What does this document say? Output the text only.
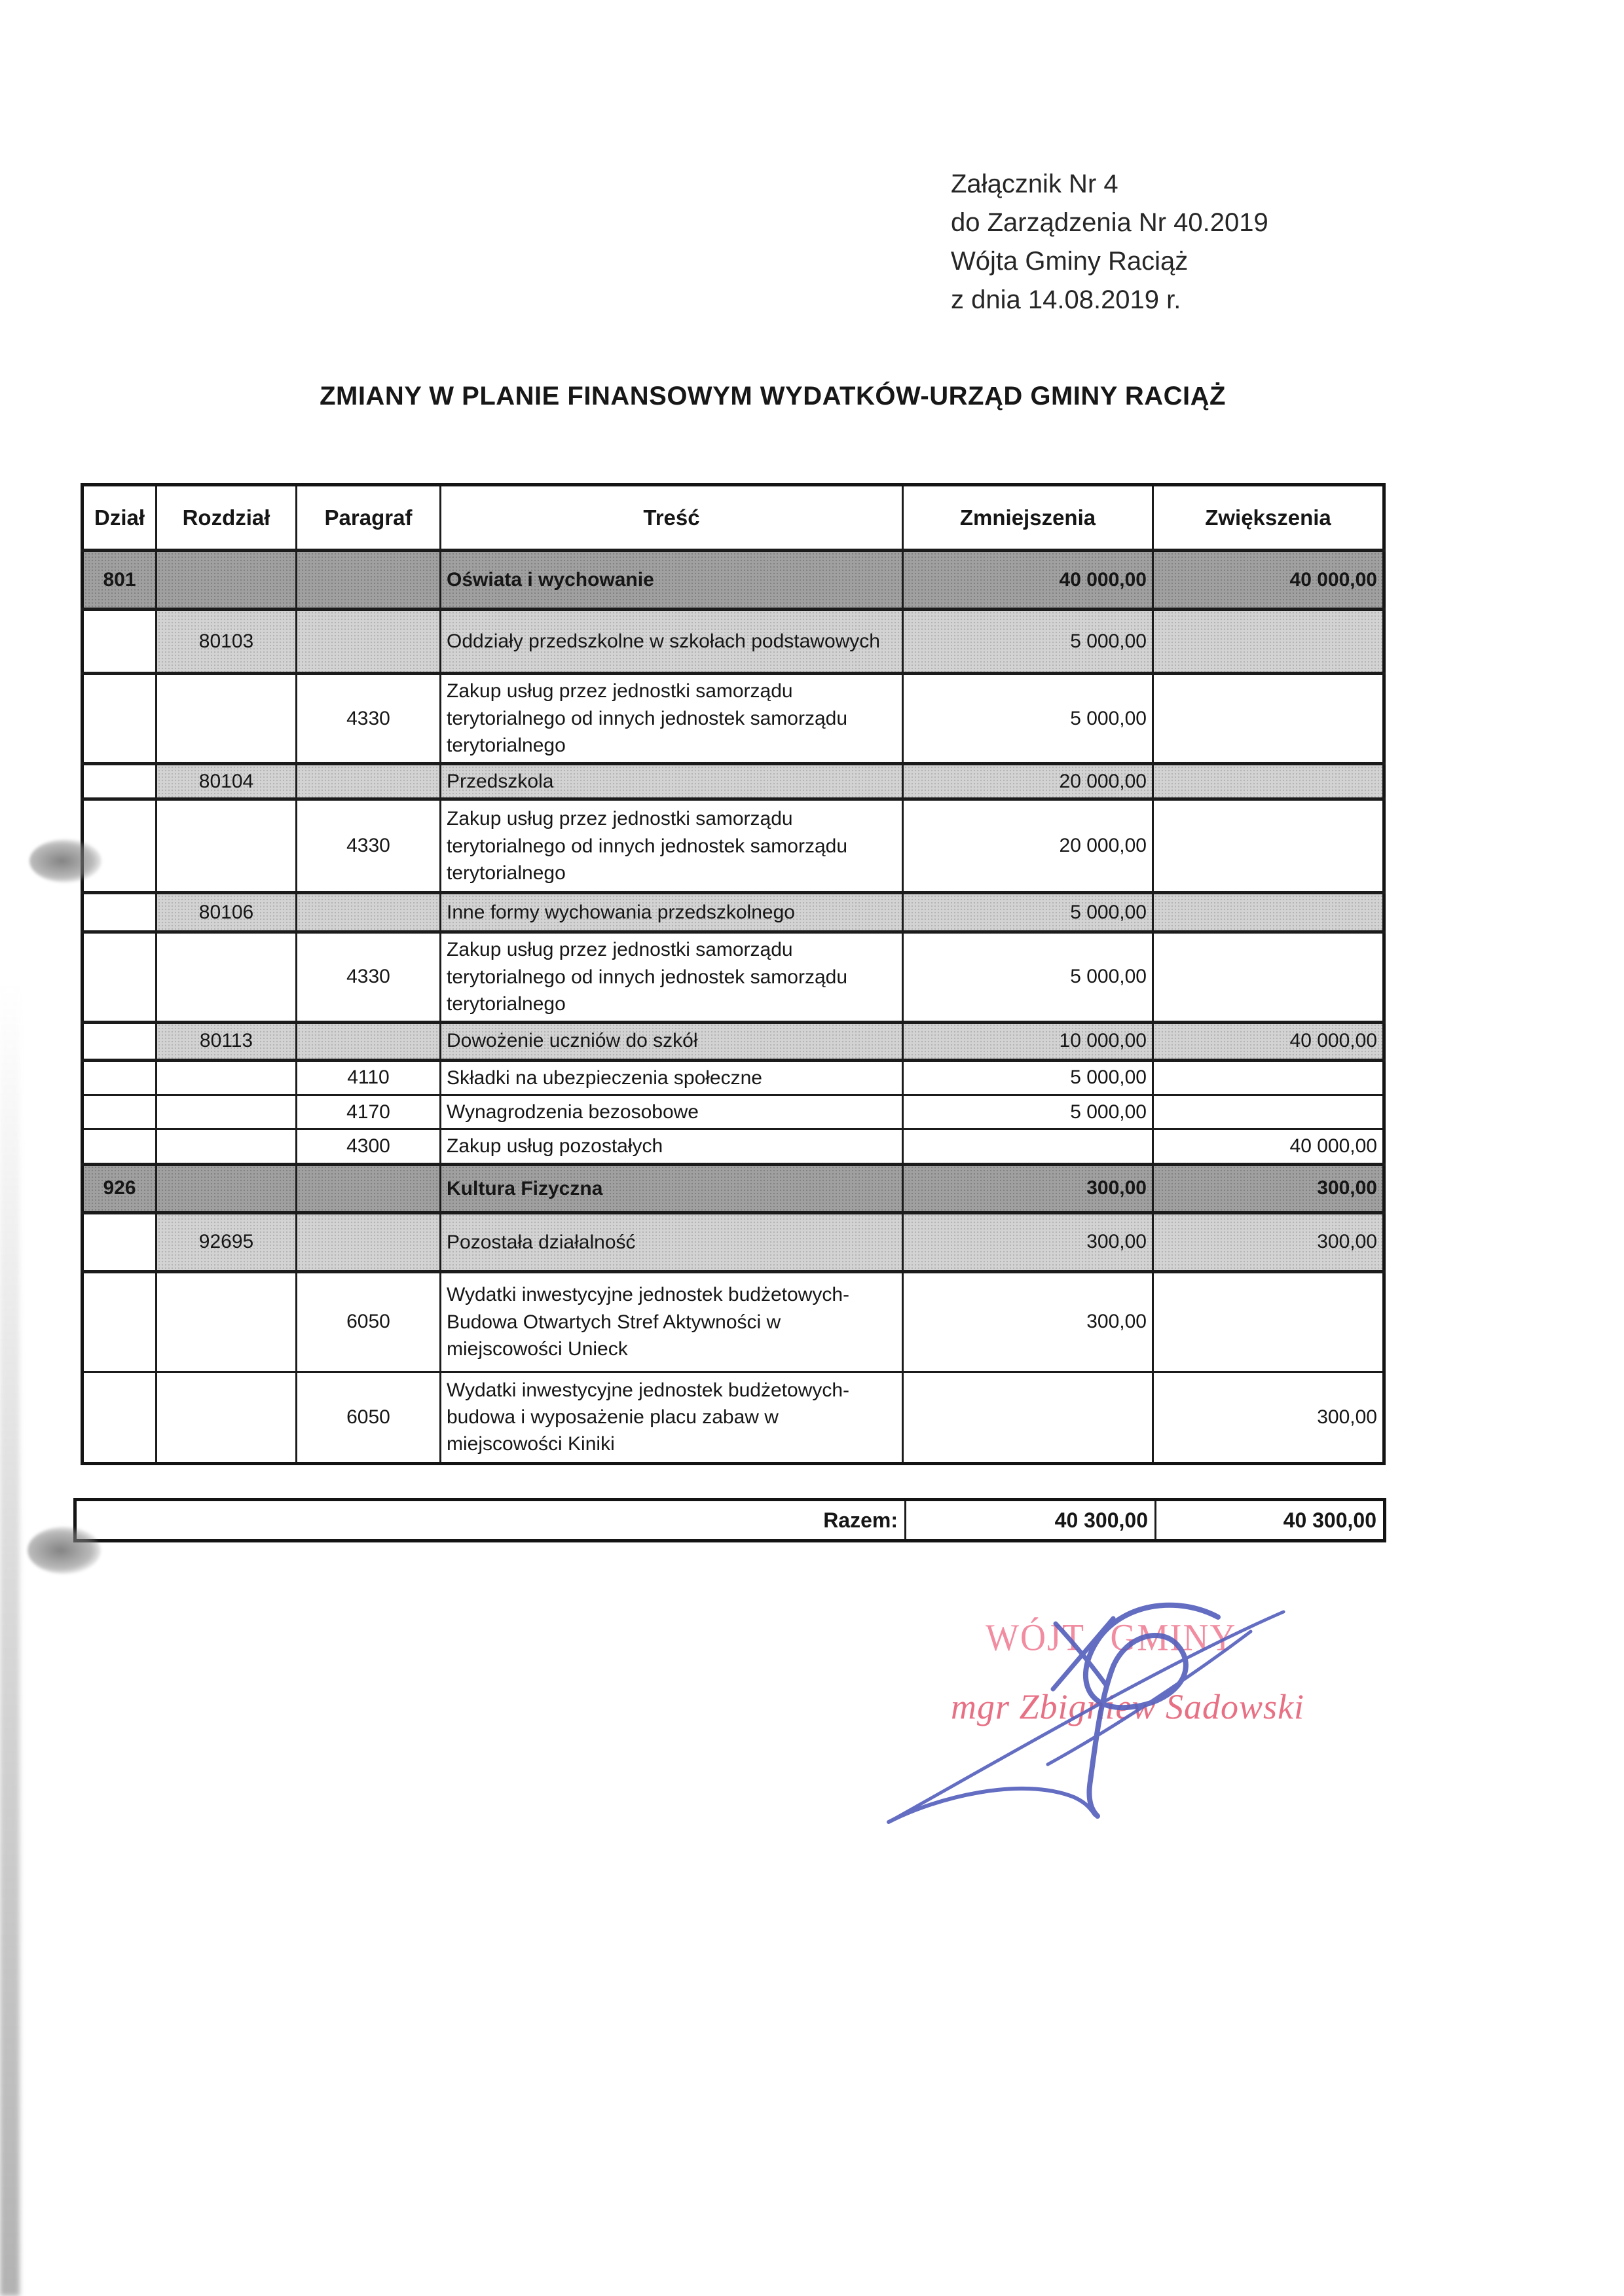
Załącznik Nr 4
do Zarządzenia Nr 40.2019
Wójta Gminy Raciąż
z dnia 14.08.2019 r.
ZMIANY W PLANIE FINANSOWYM WYDATKÓW-URZĄD GMINY RACIĄŻ
Dział	Rozdział	Paragraf	Treść	Zmniejszenia	Zwiększenia
801			Oświata i wychowanie	40 000,00	40 000,00
	80103		Oddziały przedszkolne w szkołach podstawowych	5 000,00	
		4330	Zakup usług przez jednostki samorządu terytorialnego od innych jednostek samorządu terytorialnego	5 000,00	
	80104		Przedszkola	20 000,00	
		4330	Zakup usług przez jednostki samorządu terytorialnego od innych jednostek samorządu terytorialnego	20 000,00	
	80106		Inne formy wychowania przedszkolnego	5 000,00	
		4330	Zakup usług przez jednostki samorządu terytorialnego od innych jednostek samorządu terytorialnego	5 000,00	
	80113		Dowożenie uczniów do szkół	10 000,00	40 000,00
		4110	Składki na ubezpieczenia społeczne	5 000,00	
		4170	Wynagrodzenia bezosobowe	5 000,00	
		4300	Zakup usług pozostałych		40 000,00
926			Kultura Fizyczna	300,00	300,00
	92695		Pozostała działalność	300,00	300,00
		6050	Wydatki inwestycyjne jednostek budżetowych-Budowa Otwartych Stref Aktywności w miejscowości Unieck	300,00	
		6050	Wydatki inwestycyjne jednostek budżetowych-budowa i wyposażenie placu zabaw w miejscowości Kiniki		300,00
Razem:	40 300,00	40 300,00
WÓJT GMINY
mgr Zbigniew Sadowski
